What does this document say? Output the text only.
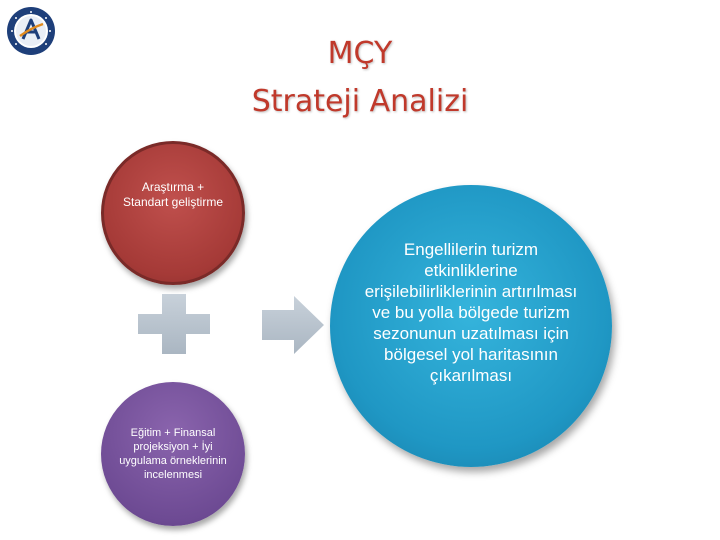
MÇY
Strateji Analizi
Araştırma + Standart geliştirme
Eğitim + Finansal projeksiyon + İyi uygulama örneklerinin incelenmesi
Engellilerin turizm etkinliklerine erişilebilirliklerinin artırılması ve bu yolla bölgede turizm sezonunun uzatılması için bölgesel yol haritasının çıkarılması
